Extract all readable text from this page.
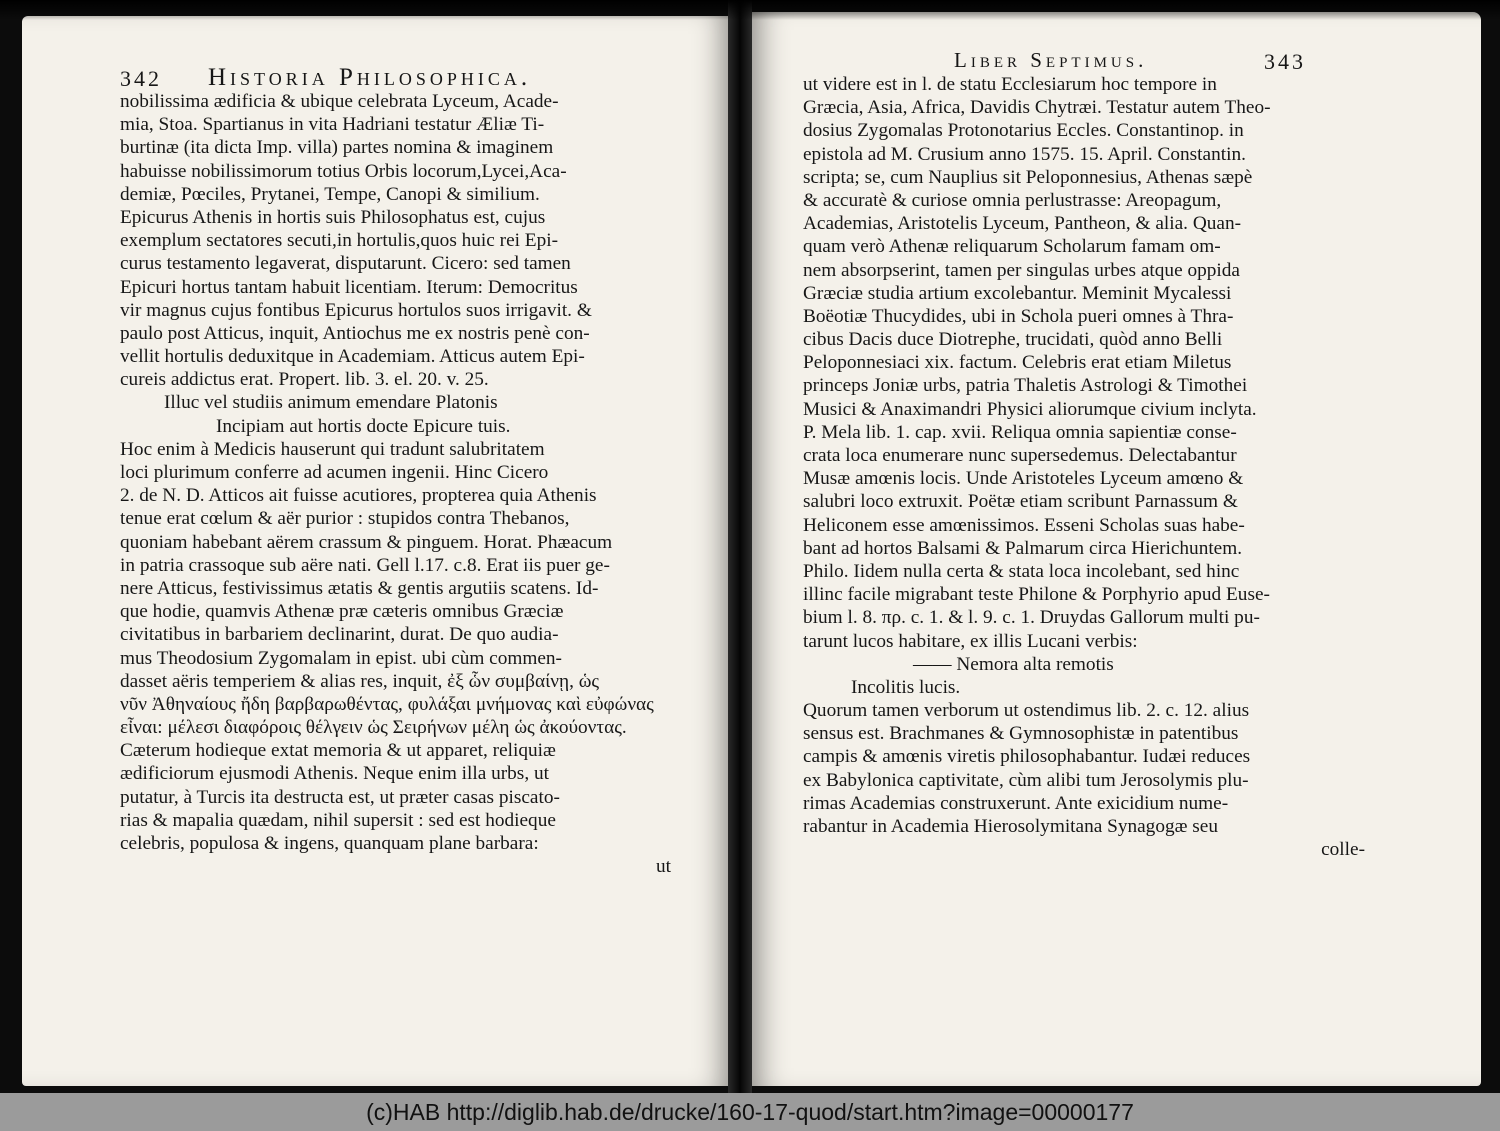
342 Historia Philosophica.
nobilissima ædificia & ubique celebrata Lyceum, Acade-
mia, Stoa. Spartianus in vita Hadriani testatur Æliæ Ti-
burtinæ (ita dicta Imp. villa) partes nomina & imaginem
habuisse nobilissimorum totius Orbis locorum,Lycei,Aca-
demiæ, Pœciles, Prytanei, Tempe, Canopi & similium.
Epicurus Athenis in hortis suis Philosophatus est, cujus
exemplum sectatores secuti,in hortulis,quos huic rei Epi-
curus testamento legaverat, disputarunt. Cicero: sed tamen
Epicuri hortus tantam habuit licentiam. Iterum: Democritus
vir magnus cujus fontibus Epicurus hortulos suos irrigavit. &
paulo post Atticus, inquit, Antiochus me ex nostris penè con-
vellit hortulis deduxitque in Academiam. Atticus autem Epi-
cureis addictus erat. Propert. lib. 3. el. 20. v. 25.
Illuc vel studiis animum emendare Platonis
Incipiam aut hortis docte Epicure tuis.
Hoc enim à Medicis hauserunt qui tradunt salubritatem
loci plurimum conferre ad acumen ingenii. Hinc Cicero
2. de N. D. Atticos ait fuisse acutiores, propterea quia Athenis
tenue erat cœlum & aër purior : stupidos contra Thebanos,
quoniam habebant aërem crassum & pinguem. Horat. Phæacum
in patria crassoque sub aëre nati. Gell l.17. c.8. Erat iis puer ge-
nere Atticus, festivissimus ætatis & gentis argutiis scatens. Id-
que hodie, quamvis Athenæ præ cæteris omnibus Græciæ
civitatibus in barbariem declinarint, durat. De quo audia-
mus Theodosium Zygomalam in epist. ubi cùm commen-
dasset aëris temperiem & alias res, inquit, ἐξ ὧν συμβαίνῃ, ὡς
νῦν Ἀθηναίους ἤδη βαρβαρωθέντας, φυλάξαι μνήμονας καὶ εὐφώνας
εἶναι: μέλεσι διαφόροις θέλγειν ὡς Σειρήνων μέλη ὡς ἀκούοντας.
Cæterum hodieque extat memoria & ut apparet, reliquiæ
ædificiorum ejusmodi Athenis. Neque enim illa urbs, ut
putatur, à Turcis ita destructa est, ut præter casas piscato-
rias & mapalia quædam, nihil supersit : sed est hodieque
celebris, populosa & ingens, quanquam plane barbara:
ut
Liber Septimus.	343
ut videre est in l. de statu Ecclesiarum hoc tempore in
Græcia, Asia, Africa, Davidis Chytræi. Testatur autem Theo-
dosius Zygomalas Protonotarius Eccles. Constantinop. in
epistola ad M. Crusium anno 1575. 15. April. Constantin.
scripta; se, cum Nauplius sit Peloponnesius, Athenas sæpè
& accuratè & curiose omnia perlustrasse: Areopagum,
Academias, Aristotelis Lyceum, Pantheon, & alia. Quan-
quam verò Athenæ reliquarum Scholarum famam om-
nem absorpserint, tamen per singulas urbes atque oppida
Græciæ studia artium excolebantur. Meminit Mycalessi
Boëotiæ Thucydides, ubi in Schola pueri omnes à Thra-
cibus Dacis duce Diotrephe, trucidati, quòd anno Belli
Peloponnesiaci xix. factum. Celebris erat etiam Miletus
princeps Joniæ urbs, patria Thaletis Astrologi & Timothei
Musici & Anaximandri Physici aliorumque civium inclyta.
P. Mela lib. 1. cap. xvii. Reliqua omnia sapientiæ conse-
crata loca enumerare nunc supersedemus. Delectabantur
Musæ amœnis locis. Unde Aristoteles Lyceum amœno &
salubri loco extruxit. Poëtæ etiam scribunt Parnassum &
Heliconem esse amœnissimos. Esseni Scholas suas habe-
bant ad hortos Balsami & Palmarum circa Hierichuntem.
Philo. Iidem nulla certa & stata loca incolebant, sed hinc
illinc facile migrabant teste Philone & Porphyrio apud Euse-
bium l. 8. πρ. c. 1. & l. 9. c. 1. Druydas Gallorum multi pu-
tarunt lucos habitare, ex illis Lucani verbis:
—— Nemora alta remotis
Incolitis lucis.
Quorum tamen verborum ut ostendimus lib. 2. c. 12. alius
sensus est. Brachmanes & Gymnosophistæ in patentibus
campis & amœnis viretis philosophabantur. Iudæi reduces
ex Babylonica captivitate, cùm alibi tum Jerosolymis plu-
rimas Academias construxerunt. Ante exicidium nume-
rabantur in Academia Hierosolymitana Synagogæ seu
colle-
(c)HAB http://diglib.hab.de/drucke/160-17-quod/start.htm?image=00000177
